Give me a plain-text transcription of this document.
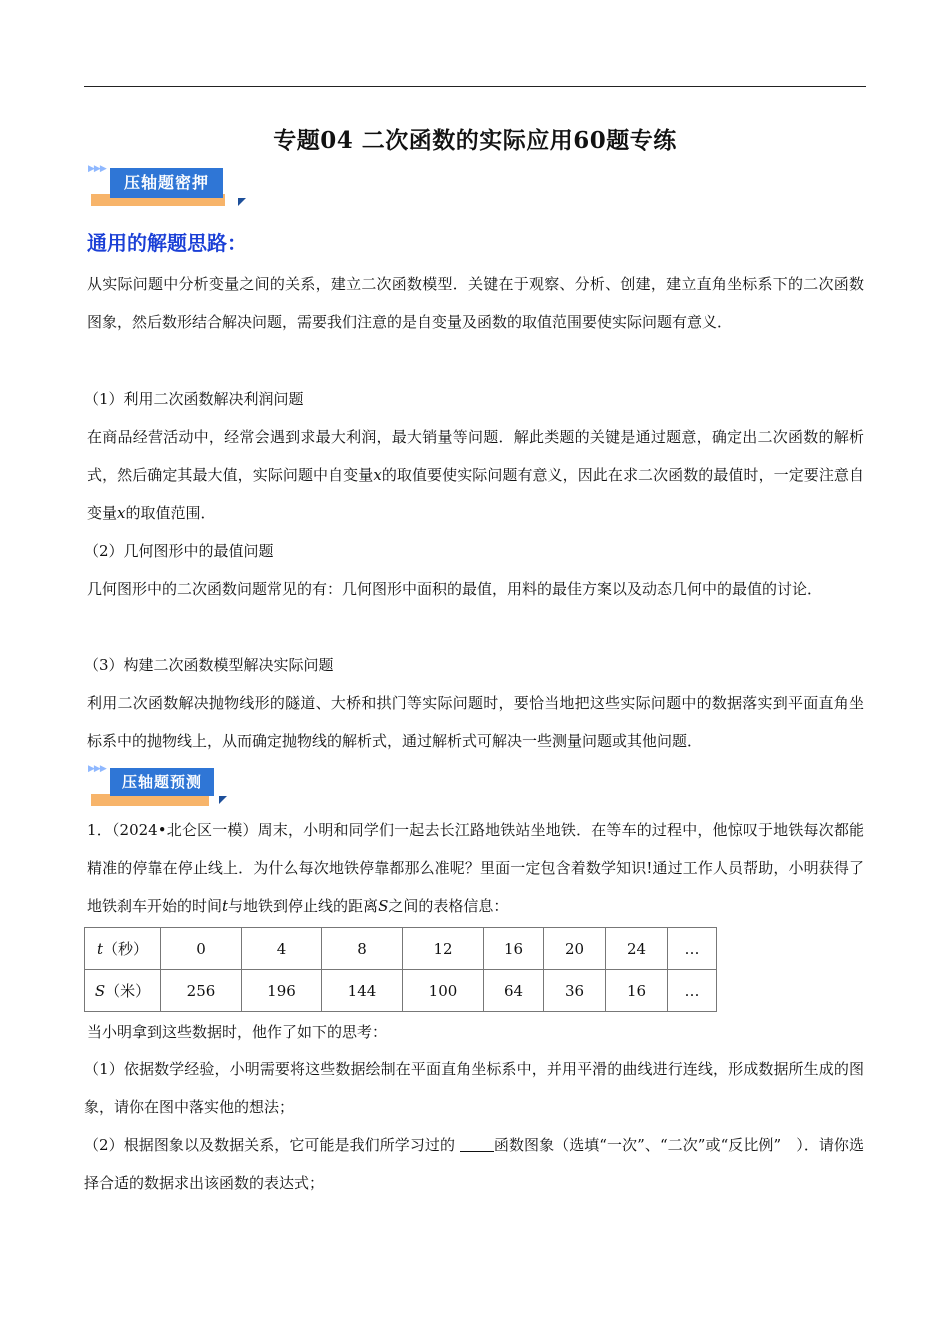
专题04 二次函数的实际应用60题专练
▶▶▶
压轴题密押
通用的解题思路：
从实际问题中分析变量之间的关系，建立二次函数模型．关键在于观察、分析、创建，建立直角坐标系下的二次函数图象，然后数形结合解决问题，需要我们注意的是自变量及函数的取值范围要使实际问题有意义．
（1）利用二次函数解决利润问题
在商品经营活动中，经常会遇到求最大利润，最大销量等问题．解此类题的关键是通过题意，确定出二次函数的解析式，然后确定其最大值，实际问题中自变量x的取值要使实际问题有意义，因此在求二次函数的最值时，一定要注意自变量x的取值范围．
（2）几何图形中的最值问题
几何图形中的二次函数问题常见的有：几何图形中面积的最值，用料的最佳方案以及动态几何中的最值的讨论．
（3）构建二次函数模型解决实际问题
利用二次函数解决抛物线形的隧道、大桥和拱门等实际问题时，要恰当地把这些实际问题中的数据落实到平面直角坐标系中的抛物线上，从而确定抛物线的解析式，通过解析式可解决一些测量问题或其他问题．
▶▶▶
压轴题预测
1．（2024•北仑区一模）周末，小明和同学们一起去长江路地铁站坐地铁．在等车的过程中，他惊叹于地铁每次都能精准的停靠在停止线上．为什么每次地铁停靠都那么准呢？里面一定包含着数学知识!通过工作人员帮助，小明获得了地铁刹车开始的时间t与地铁到停止线的距离S之间的表格信息：
t（秒）	0	4	8	12	16	20	24	…
S（米）	256	196	144	100	64	36	16	…
当小明拿到这些数据时，他作了如下的思考：
（1）依据数学经验，小明需要将这些数据绘制在平面直角坐标系中，并用平滑的曲线进行连线，形成数据所生成的图象，请你在图中落实他的想法；
（2）根据图象以及数据关系，它可能是我们所学习过的	函数图象（选填“一次”、“二次”或“反比例”　）．请你选择合适的数据求出该函数的表达式；
